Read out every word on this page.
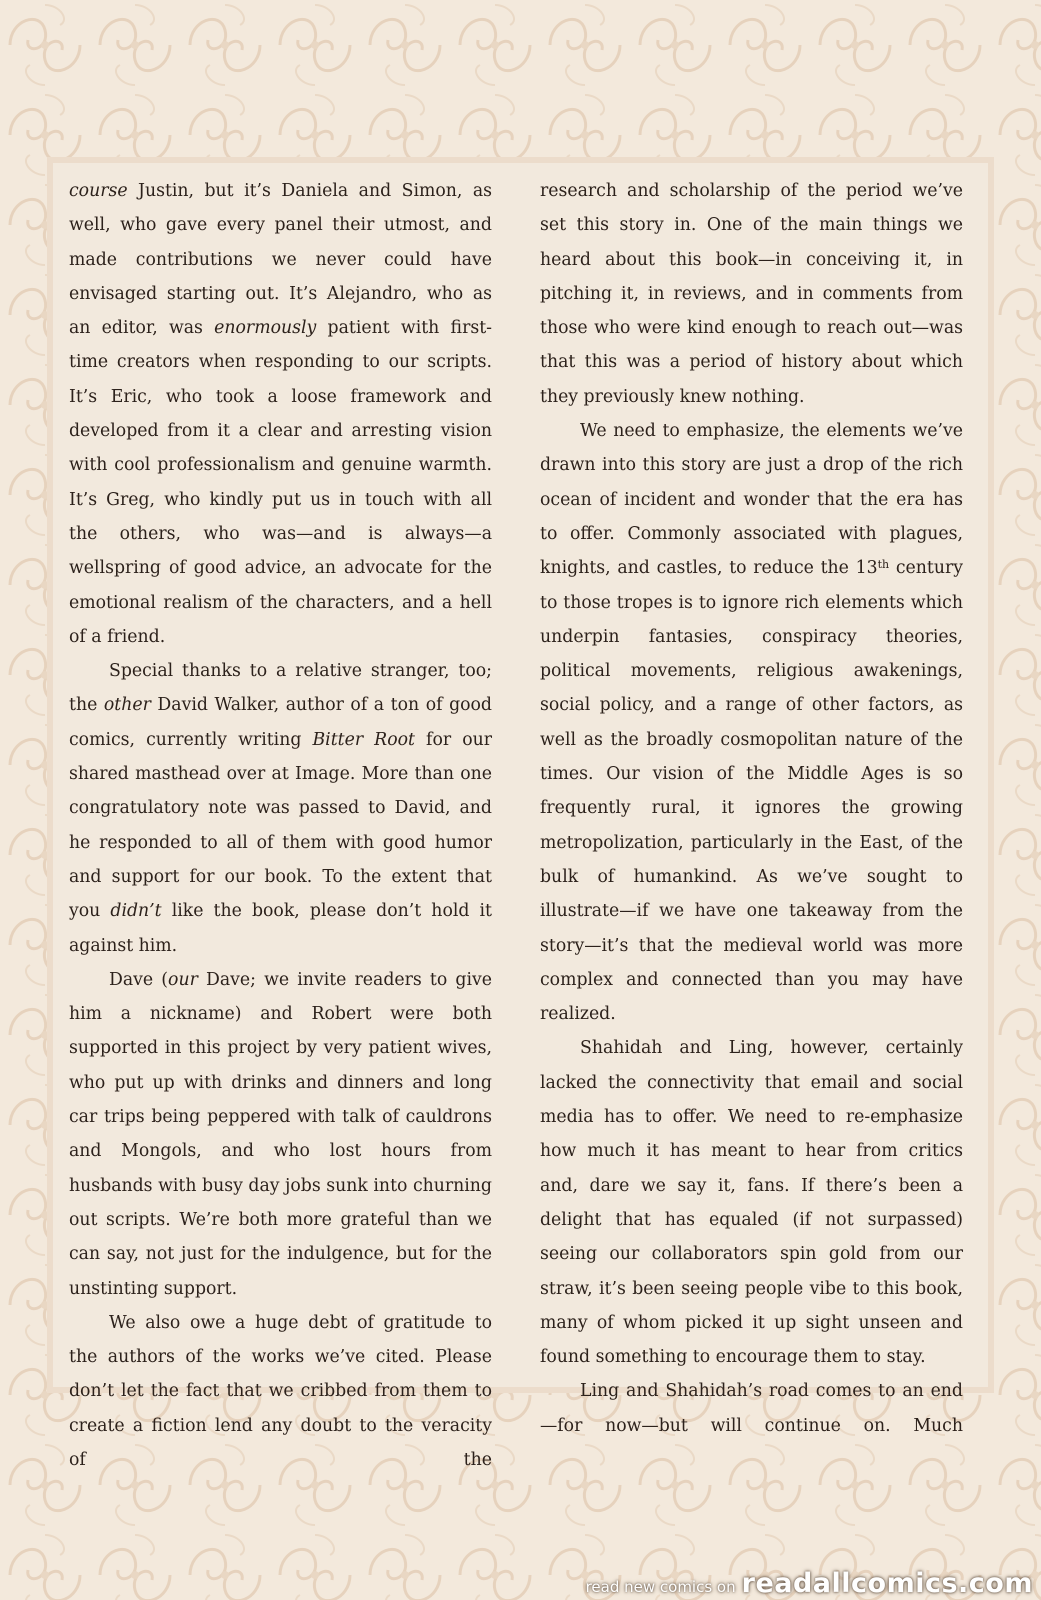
course Justin, but it’s Daniela and Simon, as well, who gave every panel their utmost, and made contributions we never could have envisaged starting out. It’s Alejandro, who as an editor, was enormously patient with first-time creators when responding to our scripts. It’s Eric, who took a loose framework and developed from it a clear and arresting vision with cool professionalism and genuine warmth. It’s Greg, who kindly put us in touch with all the others, who was—and is always—a wellspring of good advice, an advocate for the emotional realism of the characters, and a hell of a friend.

Special thanks to a relative stranger, too; the other David Walker, author of a ton of good comics, currently writing Bitter Root for our shared masthead over at Image. More than one congratulatory note was passed to David, and he responded to all of them with good humor and support for our book. To the extent that you didn’t like the book, please don’t hold it against him.

Dave (our Dave; we invite readers to give him a nickname) and Robert were both supported in this project by very patient wives, who put up with drinks and dinners and long car trips being peppered with talk of cauldrons and Mongols, and who lost hours from husbands with busy day jobs sunk into churning out scripts. We’re both more grateful than we can say, not just for the indulgence, but for the unstinting support.

We also owe a huge debt of gratitude to the authors of the works we’ve cited. Please don’t let the fact that we cribbed from them to create a fiction lend any doubt to the veracity of the

research and scholarship of the period we’ve set this story in. One of the main things we heard about this book—in conceiving it, in pitching it, in reviews, and in comments from those who were kind enough to reach out—was that this was a period of history about which they previously knew nothing.

We need to emphasize, the elements we’ve drawn into this story are just a drop of the rich ocean of incident and wonder that the era has to offer. Commonly associated with plagues, knights, and castles, to reduce the 13th century to those tropes is to ignore rich elements which underpin fantasies, conspiracy theories, political movements, religious awakenings, social policy, and a range of other factors, as well as the broadly cosmopolitan nature of the times. Our vision of the Middle Ages is so frequently rural, it ignores the growing metropolization, particularly in the East, of the bulk of humankind. As we’ve sought to illustrate—if we have one takeaway from the story—it’s that the medieval world was more complex and connected than you may have realized.

Shahidah and Ling, however, certainly lacked the connectivity that email and social media has to offer. We need to re-emphasize how much it has meant to hear from critics and, dare we say it, fans. If there’s been a delight that has equaled (if not surpassed) seeing our collaborators spin gold from our straw, it’s been seeing people vibe to this book, many of whom picked it up sight unseen and found something to encourage them to stay.

Ling and Shahidah’s road comes to an end—for now—but will continue on. Much

read new comics on readallcomics.com
